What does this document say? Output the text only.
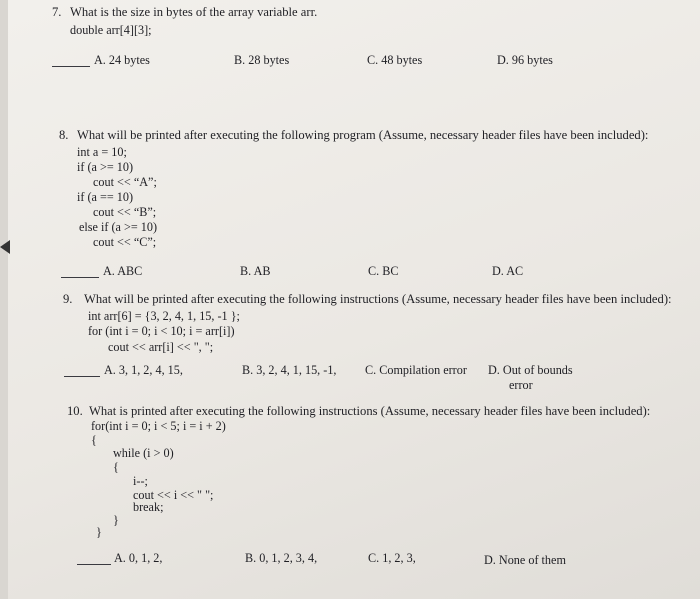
7. What is the size in bytes of the array variable arr.
double arr[4][3];
A. 24 bytes	B. 28 bytes	C. 48 bytes	D. 96 bytes
8. What will be printed after executing the following program (Assume, necessary header files have been included):
int a = 10;
if (a >= 10)
cout << “A”;
if (a == 10)
cout << “B”;
else if (a >= 10)
cout << “C”;
A. ABC	B. AB	C. BC	D. AC
9. What will be printed after executing the following instructions (Assume, necessary header files have been included):
int arr[6] = {3, 2, 4, 1, 15, -1 };
for (int i = 0; i < 10; i = arr[i])
cout << arr[i] << ", ";
A. 3, 1, 2, 4, 15,	B. 3, 2, 4, 1, 15, -1, C. Compilation error D. Out of bounds
error
10. What is printed after executing the following instructions (Assume, necessary header files have been included):
for(int i = 0; i < 5; i = i + 2)
{
while (i > 0)
{
i--;
cout << i << " ";
break;
}
}
A. 0, 1, 2,	B. 0, 1, 2, 3, 4,	C. 1, 2, 3,	D. None of them
